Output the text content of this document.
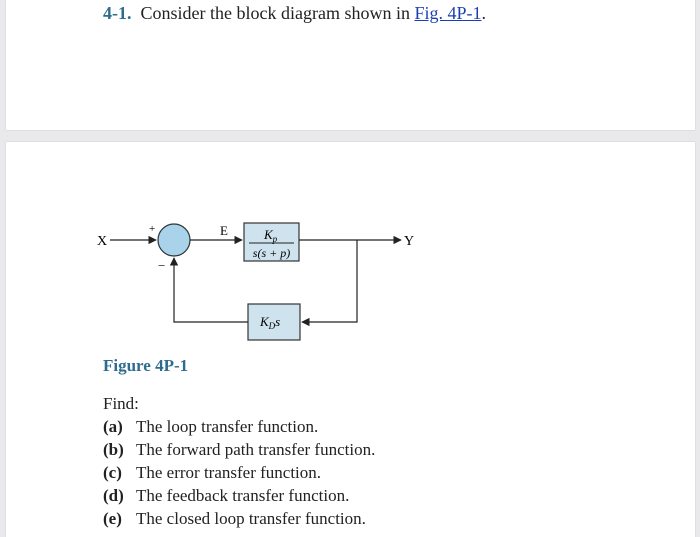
4-1. Consider the block diagram shown in Fig. 4P-1.
X
+
−
E	$K_p$
s(s + p)
Y
$K_Ds$
Figure 4P-1
Find:
(a) The loop transfer function.
(b) The forward path transfer function.
(c) The error transfer function.
(d) The feedback transfer function.
(e) The closed loop transfer function.
